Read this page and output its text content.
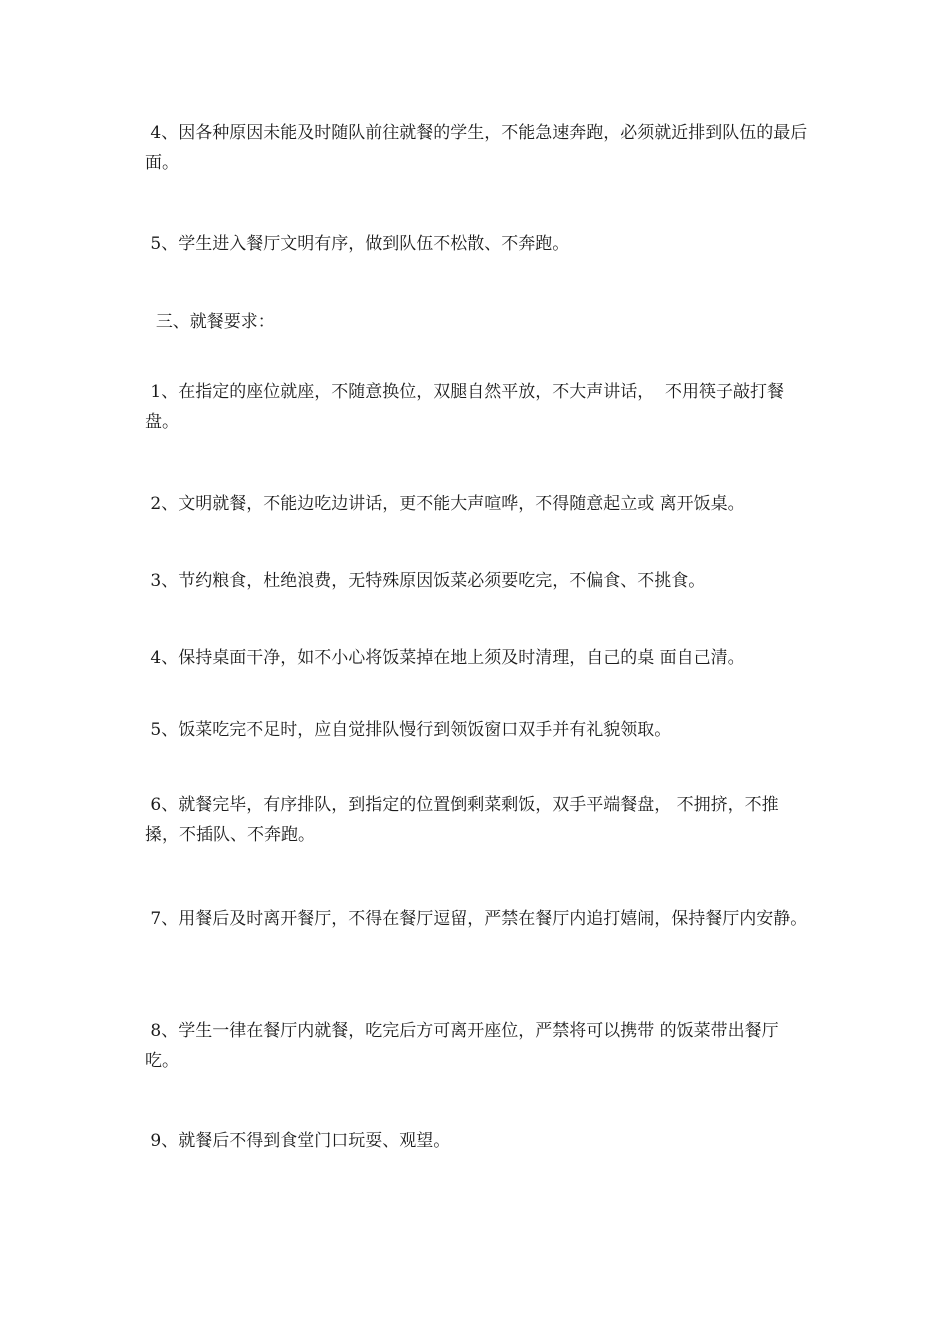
4、因各种原因未能及时随队前往就餐的学生，不能急速奔跑，必须就近排到队伍的最后面。

5、学生进入餐厅文明有序，做到队伍不松散、不奔跑。

三、就餐要求：

1、在指定的座位就座，不随意换位，双腿自然平放，不大声讲话，  不用筷子敲打餐盘。

2、文明就餐，不能边吃边讲话，更不能大声喧哗，不得随意起立或 离开饭桌。

3、节约粮食，杜绝浪费，无特殊原因饭菜必须要吃完，不偏食、不挑食。

4、保持桌面干净，如不小心将饭菜掉在地上须及时清理，自己的桌 面自己清。

5、饭菜吃完不足时，应自觉排队慢行到领饭窗口双手并有礼貌领取。

6、就餐完毕，有序排队，到指定的位置倒剩菜剩饭，双手平端餐盘， 不拥挤，不推搡，不插队、不奔跑。

7、用餐后及时离开餐厅，不得在餐厅逗留，严禁在餐厅内追打嬉闹，保持餐厅内安静。

8、学生一律在餐厅内就餐，吃完后方可离开座位，严禁将可以携带 的饭菜带出餐厅吃。

9、就餐后不得到食堂门口玩耍、观望。
